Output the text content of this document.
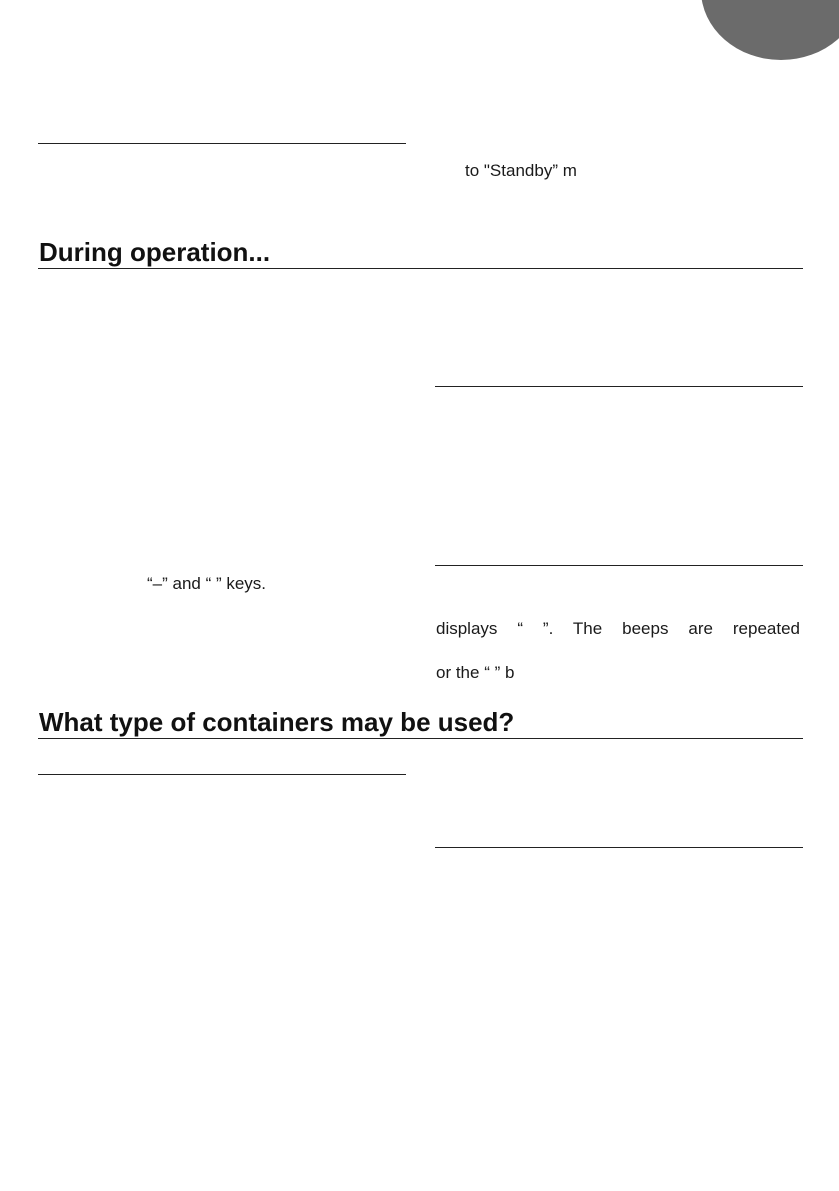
to "Standby” m

During operation...

“–” and “ ” keys.

displays “ ”. The beeps are repeated

or the “ ” b

What type of containers may be used?
